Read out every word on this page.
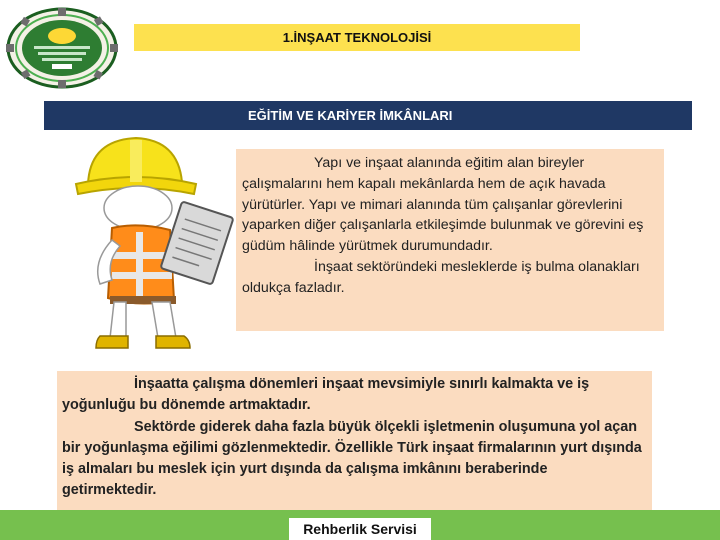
1.İNŞAAT TEKNOLOJİSİ
EĞİTİM VE KARİYER İMKÂNLARI

Yapı ve inşaat alanında eğitim alan bireyler çalışmalarını hem kapalı mekânlarda hem de açık havada yürütürler. Yapı ve mimari alanında tüm çalışanlar görevlerini yaparken diğer çalışanlarla etkileşimde bulunmak ve görevini eş güdüm hâlinde yürütmek durumundadır.

İnşaat sektöründeki mesleklerde iş bulma olanakları oldukça fazladır.

İnşaatta çalışma dönemleri inşaat mevsimiyle sınırlı kalmakta ve iş yoğunluğu bu dönemde artmaktadır.

Sektörde giderek daha fazla büyük ölçekli işletmenin oluşumuna yol açan bir yoğunlaşma eğilimi gözlenmektedir. Özellikle Türk inşaat firmalarının yurt dışında iş almaları bu meslek için yurt dışında da çalışma imkânını beraberinde getirmektedir.

Rehberlik Servisi
